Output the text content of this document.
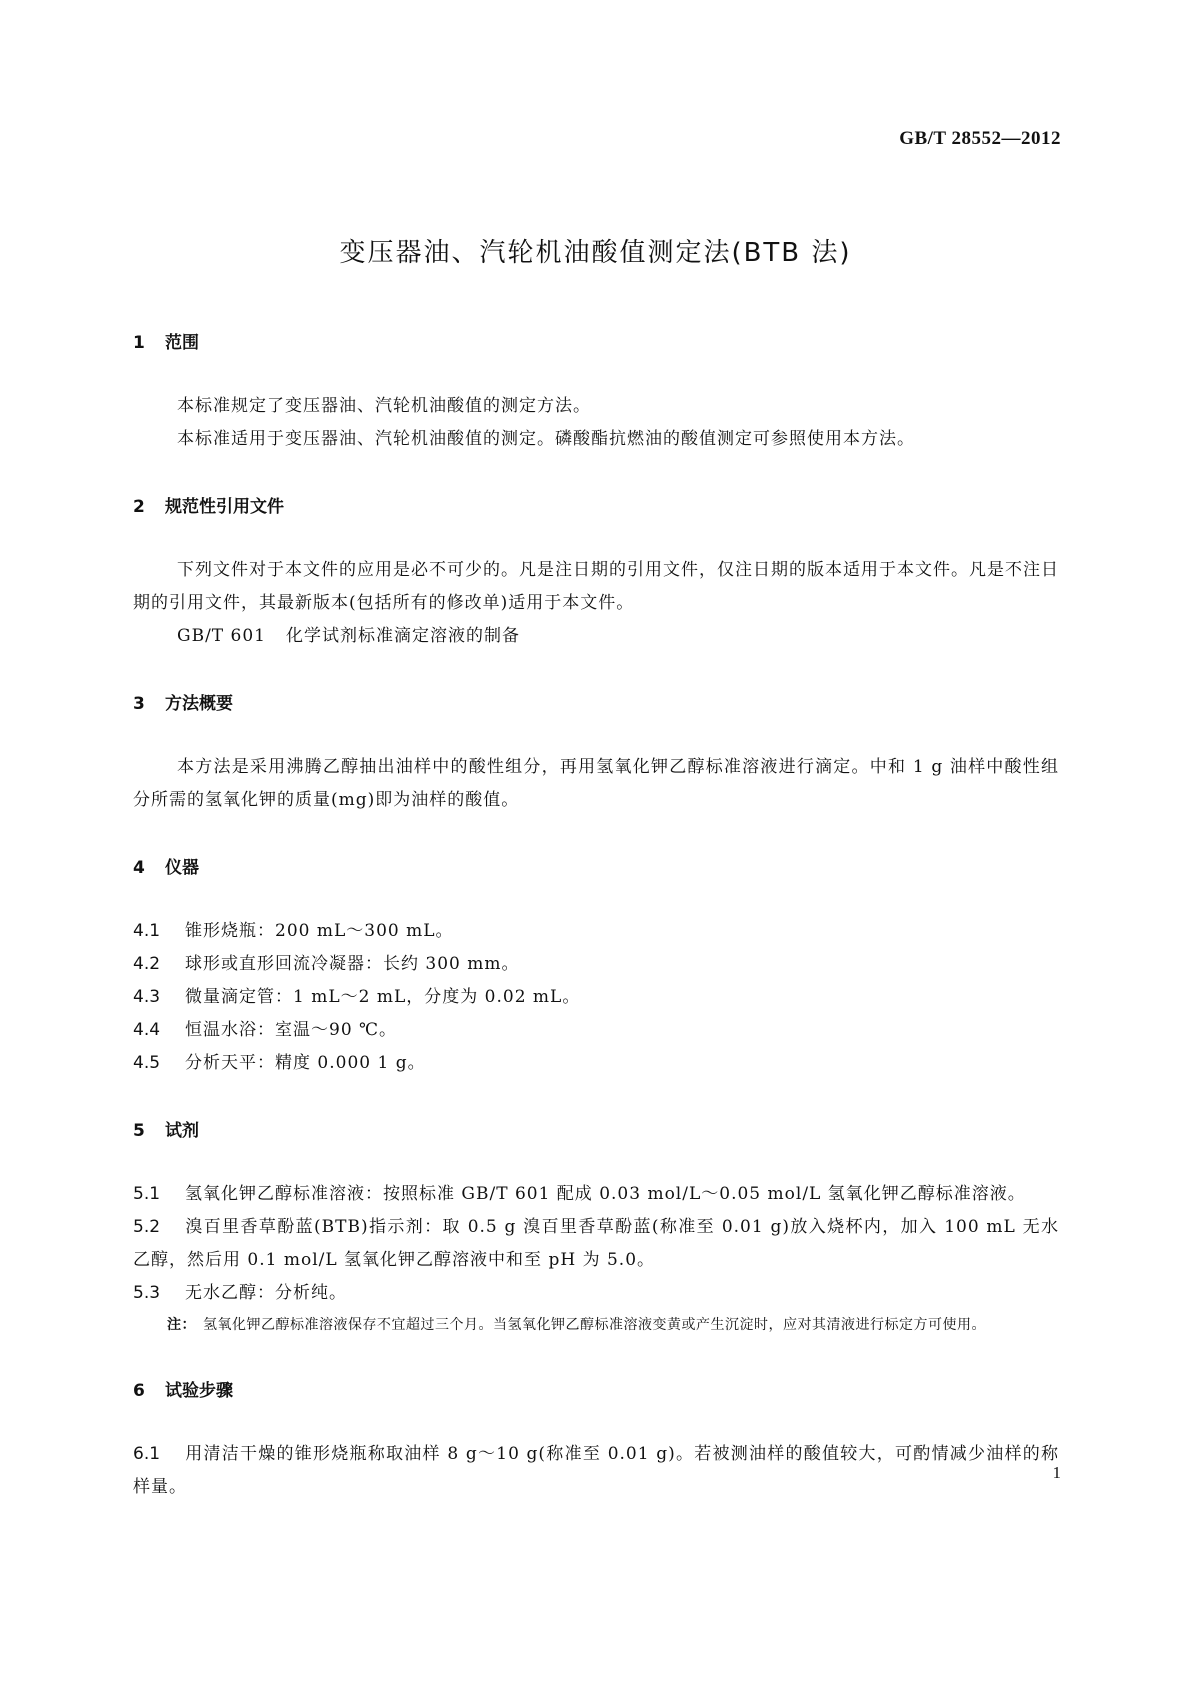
GB/T 28552—2012
变压器油、汽轮机油酸值测定法(BTB 法)
1 范围

本标准规定了变压器油、汽轮机油酸值的测定方法。

本标准适用于变压器油、汽轮机油酸值的测定。磷酸酯抗燃油的酸值测定可参照使用本方法。

2 规范性引用文件

下列文件对于本文件的应用是必不可少的。凡是注日期的引用文件，仅注日期的版本适用于本文件。凡是不注日期的引用文件，其最新版本(包括所有的修改单)适用于本文件。

GB/T 601 化学试剂标准滴定溶液的制备

3 方法概要

本方法是采用沸腾乙醇抽出油样中的酸性组分，再用氢氧化钾乙醇标准溶液进行滴定。中和 1 g 油样中酸性组分所需的氢氧化钾的质量(mg)即为油样的酸值。

4 仪器

4.1 锥形烧瓶：200 mL～300 mL。

4.2 球形或直形回流冷凝器：长约 300 mm。

4.3 微量滴定管：1 mL～2 mL，分度为 0.02 mL。

4.4 恒温水浴：室温～90 ℃。

4.5 分析天平：精度 0.000 1 g。

5 试剂

5.1 氢氧化钾乙醇标准溶液：按照标准 GB/T 601 配成 0.03 mol/L～0.05 mol/L 氢氧化钾乙醇标准溶液。

5.2 溴百里香草酚蓝(BTB)指示剂：取 0.5 g 溴百里香草酚蓝(称准至 0.01 g)放入烧杯内，加入 100 mL 无水乙醇，然后用 0.1 mol/L 氢氧化钾乙醇溶液中和至 pH 为 5.0。

5.3 无水乙醇：分析纯。

注： 氢氧化钾乙醇标准溶液保存不宜超过三个月。当氢氧化钾乙醇标准溶液变黄或产生沉淀时，应对其清液进行标定方可使用。

6 试验步骤

6.1 用清洁干燥的锥形烧瓶称取油样 8 g～10 g(称准至 0.01 g)。若被测油样的酸值较大，可酌情减少油样的称样量。

1
